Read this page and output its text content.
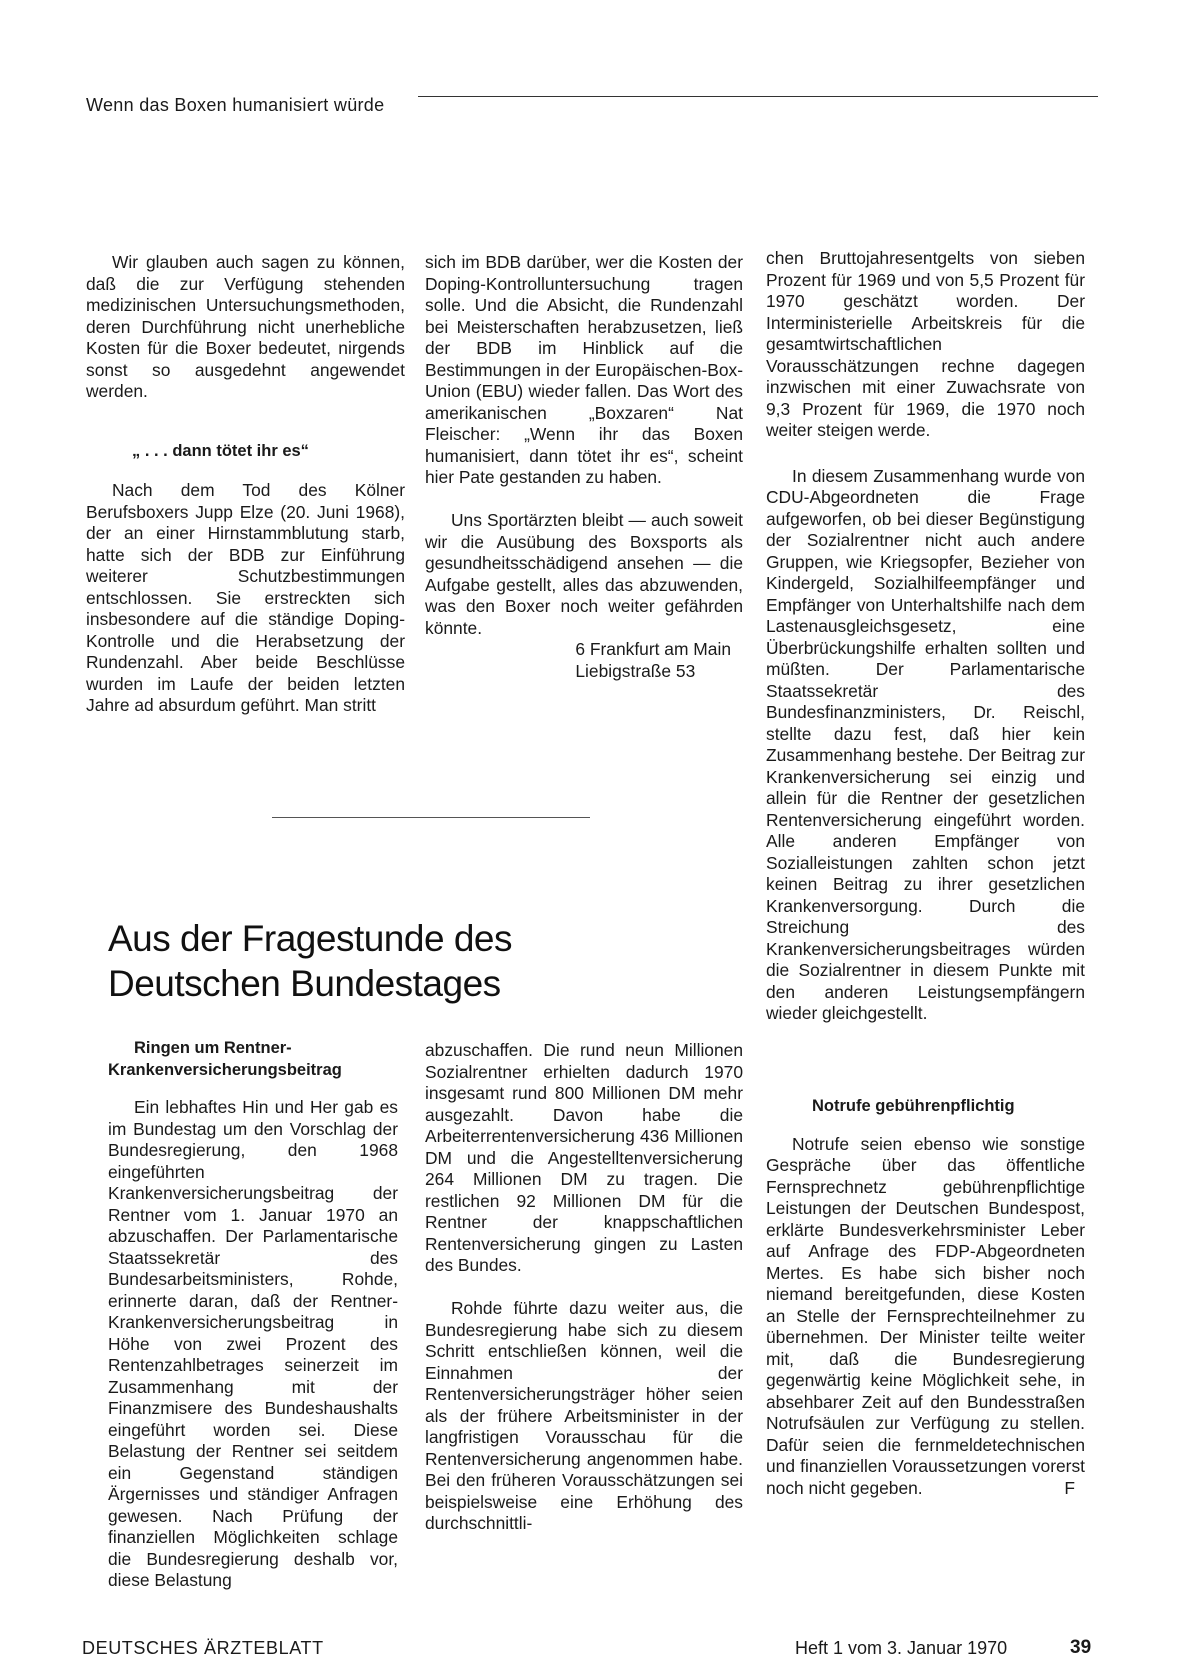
Wenn das Boxen humanisiert würde

Wir glauben auch sagen zu können, daß die zur Verfügung stehenden medizinischen Untersuchungsmethoden, deren Durchführung nicht unerhebliche Kosten für die Boxer bedeutet, nirgends sonst so ausgedehnt angewendet werden.

„ . . . dann tötet ihr es“

Nach dem Tod des Kölner Berufsboxers Jupp Elze (20. Juni 1968), der an einer Hirnstammblutung starb, hatte sich der BDB zur Einführung weiterer Schutzbestimmungen entschlossen. Sie erstreckten sich insbesondere auf die ständige Doping-Kontrolle und die Herabsetzung der Rundenzahl. Aber beide Beschlüsse wurden im Laufe der beiden letzten Jahre ad absurdum geführt. Man stritt

sich im BDB darüber, wer die Kosten der Doping-Kontrolluntersuchung tragen solle. Und die Absicht, die Rundenzahl bei Meisterschaften herabzusetzen, ließ der BDB im Hinblick auf die Bestimmungen in der Europäischen-Box-Union (EBU) wieder fallen. Das Wort des amerikanischen „Boxzaren“ Nat Fleischer: „Wenn ihr das Boxen humanisiert, dann tötet ihr es“, scheint hier Pate gestanden zu haben.

Uns Sportärzten bleibt — auch soweit wir die Ausübung des Boxsports als gesundheitsschädigend ansehen — die Aufgabe gestellt, alles das abzuwenden, was den Boxer noch weiter gefährden könnte.

6 Frankfurt am Main
Liebigstraße 53

chen Bruttojahresentgelts von sieben Prozent für 1969 und von 5,5 Prozent für 1970 geschätzt worden. Der Interministerielle Arbeitskreis für die gesamtwirtschaftlichen Vorausschätzungen rechne dagegen inzwischen mit einer Zuwachsrate von 9,3 Prozent für 1969, die 1970 noch weiter steigen werde.

In diesem Zusammenhang wurde von CDU-Abgeordneten die Frage aufgeworfen, ob bei dieser Begünstigung der Sozialrentner nicht auch andere Gruppen, wie Kriegsopfer, Bezieher von Kindergeld, Sozialhilfeempfänger und Empfänger von Unterhaltshilfe nach dem Lastenausgleichsgesetz, eine Überbrückungshilfe erhalten sollten und müßten. Der Parlamentarische Staatssekretär des Bundesfinanzministers, Dr. Reischl, stellte dazu fest, daß hier kein Zusammenhang bestehe. Der Beitrag zur Krankenversicherung sei einzig und allein für die Rentner der gesetzlichen Rentenversicherung eingeführt worden. Alle anderen Empfänger von Sozialleistungen zahlten schon jetzt keinen Beitrag zu ihrer gesetzlichen Krankenversorgung. Durch die Streichung des Krankenversicherungsbeitrages würden die Sozialrentner in diesem Punkte mit den anderen Leistungsempfängern wieder gleichgestellt.

Aus der Fragestunde des
Deutschen Bundestages

Ringen um Rentner-Krankenversicherungsbeitrag

Ein lebhaftes Hin und Her gab es im Bundestag um den Vorschlag der Bundesregierung, den 1968 eingeführten Krankenversicherungsbeitrag der Rentner vom 1. Januar 1970 an abzuschaffen. Der Parlamentarische Staatssekretär des Bundesarbeitsministers, Rohde, erinnerte daran, daß der Rentner-Krankenversicherungsbeitrag in Höhe von zwei Prozent des Rentenzahlbetrages seinerzeit im Zusammenhang mit der Finanzmisere des Bundeshaushalts eingeführt worden sei. Diese Belastung der Rentner sei seitdem ein Gegenstand ständigen Ärgernisses und ständiger Anfragen gewesen. Nach Prüfung der finanziellen Möglichkeiten schlage die Bundesregierung deshalb vor, diese Belastung

abzuschaffen. Die rund neun Millionen Sozialrentner erhielten dadurch 1970 insgesamt rund 800 Millionen DM mehr ausgezahlt. Davon habe die Arbeiterrentenversicherung 436 Millionen DM und die Angestelltenversicherung 264 Millionen DM zu tragen. Die restlichen 92 Millionen DM für die Rentner der knappschaftlichen Rentenversicherung gingen zu Lasten des Bundes.

Rohde führte dazu weiter aus, die Bundesregierung habe sich zu diesem Schritt entschließen können, weil die Einnahmen der Rentenversicherungsträger höher seien als der frühere Arbeitsminister in der langfristigen Vorausschau für die Rentenversicherung angenommen habe. Bei den früheren Vorausschätzungen sei beispielsweise eine Erhöhung des durchschnittli-

Notrufe gebührenpflichtig

Notrufe seien ebenso wie sonstige Gespräche über das öffentliche Fernsprechnetz gebührenpflichtige Leistungen der Deutschen Bundespost, erklärte Bundesverkehrsminister Leber auf Anfrage des FDP-Abgeordneten Mertes. Es habe sich bisher noch niemand bereitgefunden, diese Kosten an Stelle der Fernsprechteilnehmer zu übernehmen. Der Minister teilte weiter mit, daß die Bundesregierung gegenwärtig keine Möglichkeit sehe, in absehbarer Zeit auf den Bundesstraßen Notrufsäulen zur Verfügung zu stellen. Dafür seien die fernmeldetechnischen und finanziellen Voraussetzungen vorerst noch nicht gegeben.	F

DEUTSCHES ÄRZTEBLATT	Heft 1 vom 3. Januar 1970	39
